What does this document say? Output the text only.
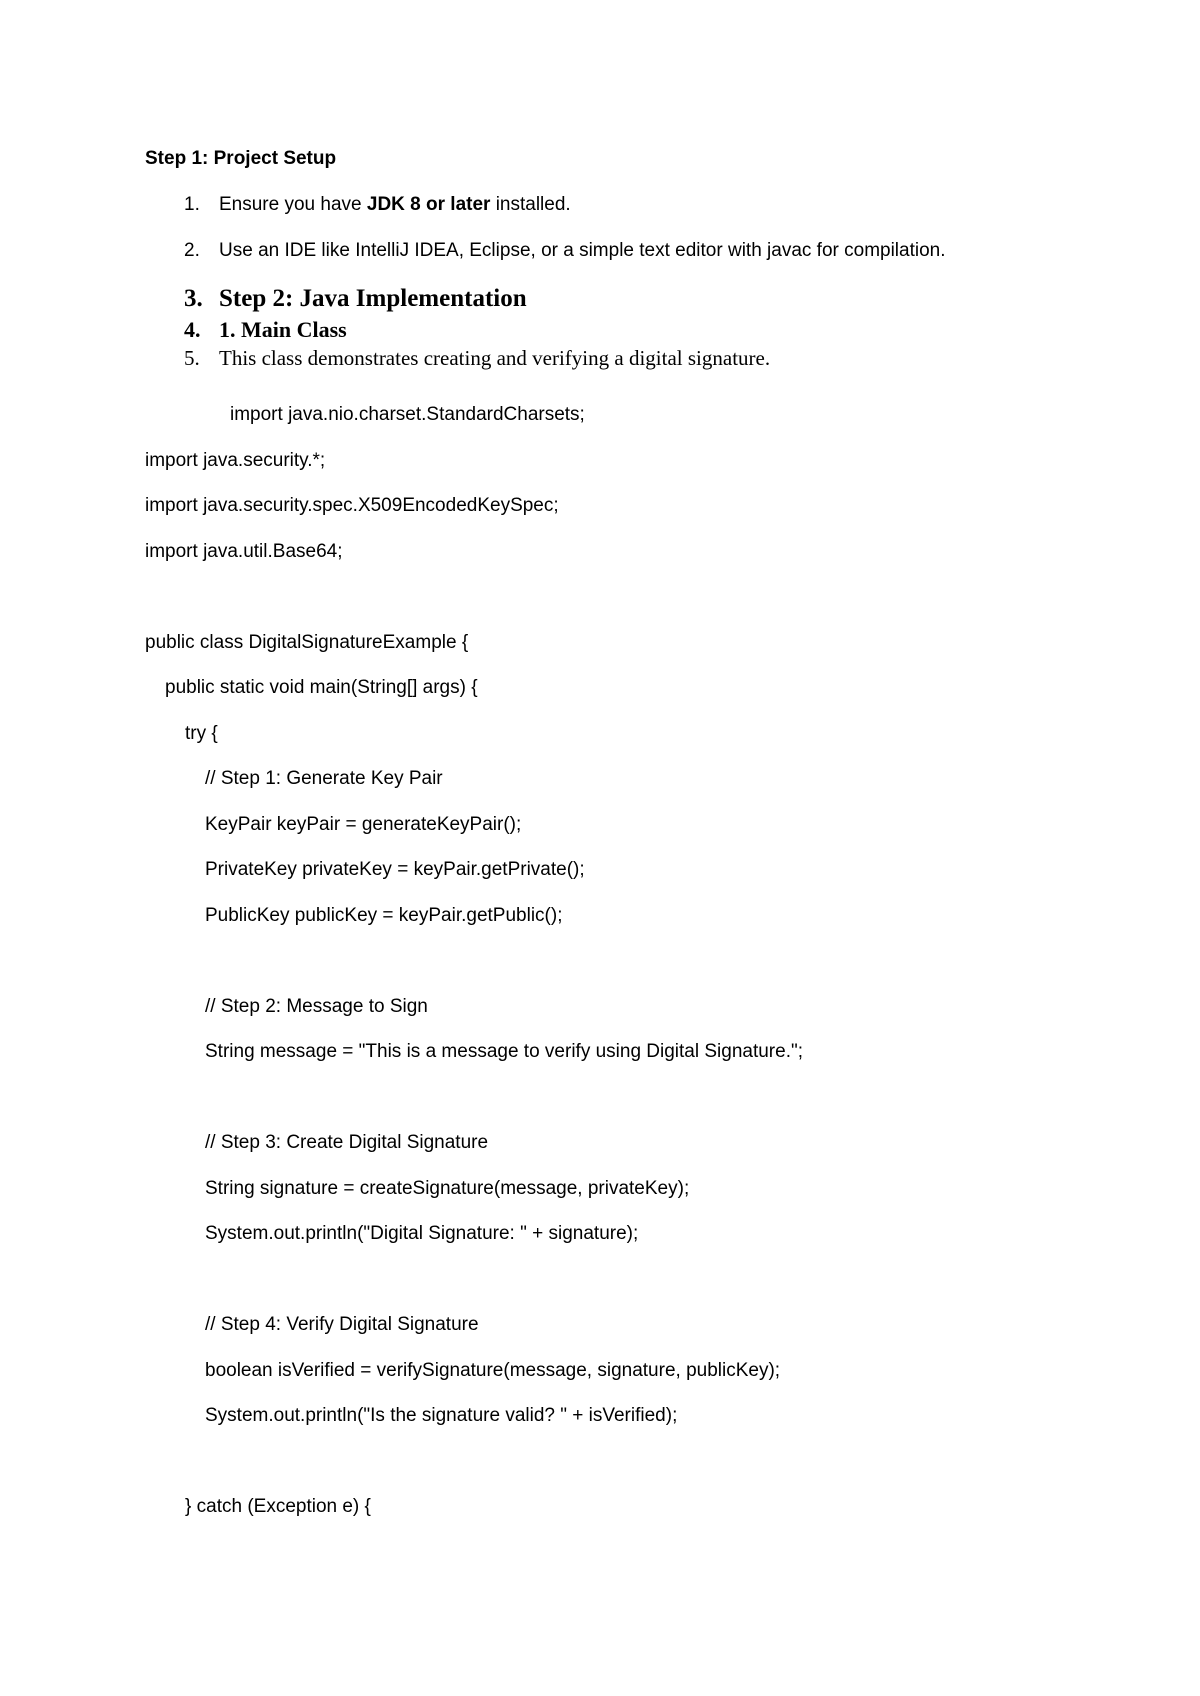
Step 1: Project Setup
1. Ensure you have JDK 8 or later installed.
2. Use an IDE like IntelliJ IDEA, Eclipse, or a simple text editor with javac for compilation.
3. Step 2: Java Implementation
4. 1. Main Class
5. This class demonstrates creating and verifying a digital signature.
import java.nio.charset.StandardCharsets;
import java.security.*;
import java.security.spec.X509EncodedKeySpec;
import java.util.Base64;
public class DigitalSignatureExample {
public static void main(String[] args) {
try {
// Step 1: Generate Key Pair
KeyPair keyPair = generateKeyPair();
PrivateKey privateKey = keyPair.getPrivate();
PublicKey publicKey = keyPair.getPublic();
// Step 2: Message to Sign
String message = "This is a message to verify using Digital Signature.";
// Step 3: Create Digital Signature
String signature = createSignature(message, privateKey);
System.out.println("Digital Signature: " + signature);
// Step 4: Verify Digital Signature
boolean isVerified = verifySignature(message, signature, publicKey);
System.out.println("Is the signature valid? " + isVerified);
} catch (Exception e) {
